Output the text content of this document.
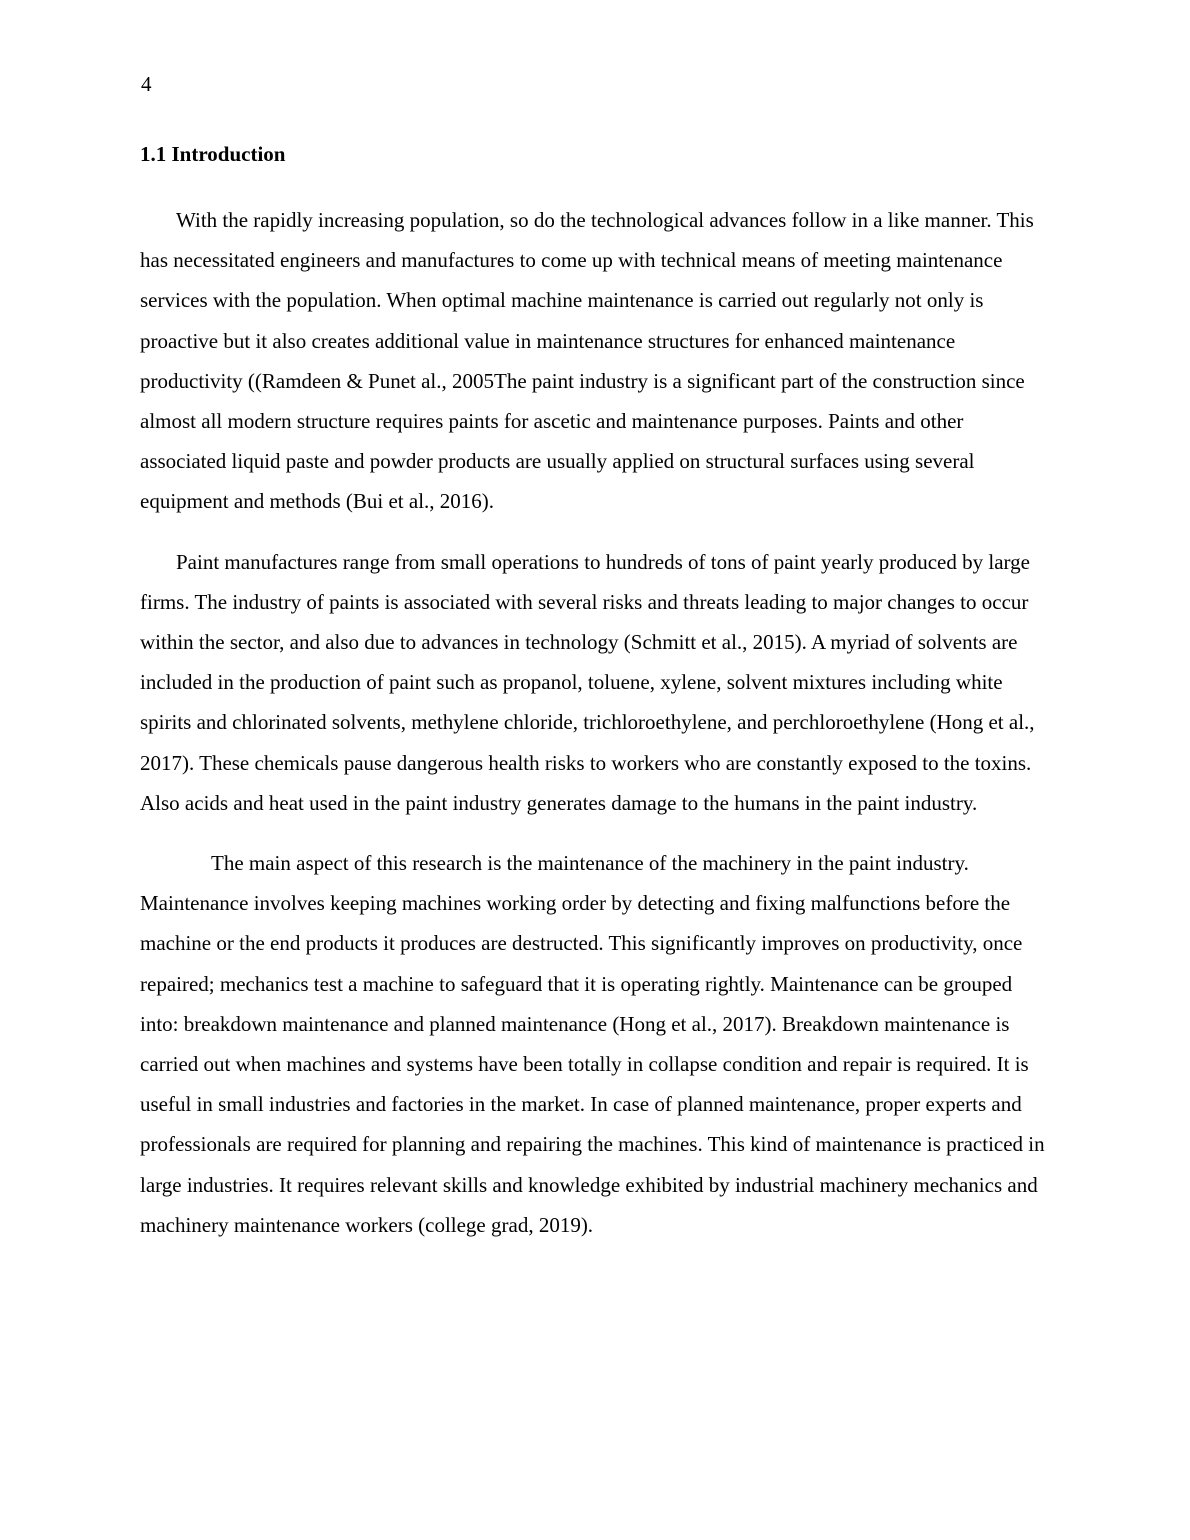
4
1.1 Introduction

With the rapidly increasing population, so do the technological advances follow in a like manner. This has necessitated engineers and manufactures to come up with technical means of meeting maintenance services with the population. When optimal machine maintenance is carried out regularly not only is proactive but it also creates additional value in maintenance structures for enhanced maintenance productivity ((Ramdeen & Punet al., 2005The paint industry is a significant part of the construction since almost all modern structure requires paints for ascetic and maintenance purposes. Paints and other associated liquid paste and powder products are usually applied on structural surfaces using several equipment and methods (Bui et al., 2016).

Paint manufactures range from small operations to hundreds of tons of paint yearly produced by large firms. The industry of paints is associated with several risks and threats leading to major changes to occur within the sector, and also due to advances in technology (Schmitt et al., 2015). A myriad of solvents are included in the production of paint such as propanol, toluene, xylene, solvent mixtures including white spirits and chlorinated solvents, methylene chloride, trichloroethylene, and perchloroethylene (Hong et al., 2017). These chemicals pause dangerous health risks to workers who are constantly exposed to the toxins. Also acids and heat used in the paint industry generates damage to the humans in the paint industry.

The main aspect of this research is the maintenance of the machinery in the paint industry. Maintenance involves keeping machines working order by detecting and fixing malfunctions before the machine or the end products it produces are destructed. This significantly improves on productivity, once repaired; mechanics test a machine to safeguard that it is operating rightly. Maintenance can be grouped into: breakdown maintenance and planned maintenance (Hong et al., 2017). Breakdown maintenance is carried out when machines and systems have been totally in collapse condition and repair is required. It is useful in small industries and factories in the market. In case of planned maintenance, proper experts and professionals are required for planning and repairing the machines. This kind of maintenance is practiced in large industries. It requires relevant skills and knowledge exhibited by industrial machinery mechanics and machinery maintenance workers (college grad, 2019).
